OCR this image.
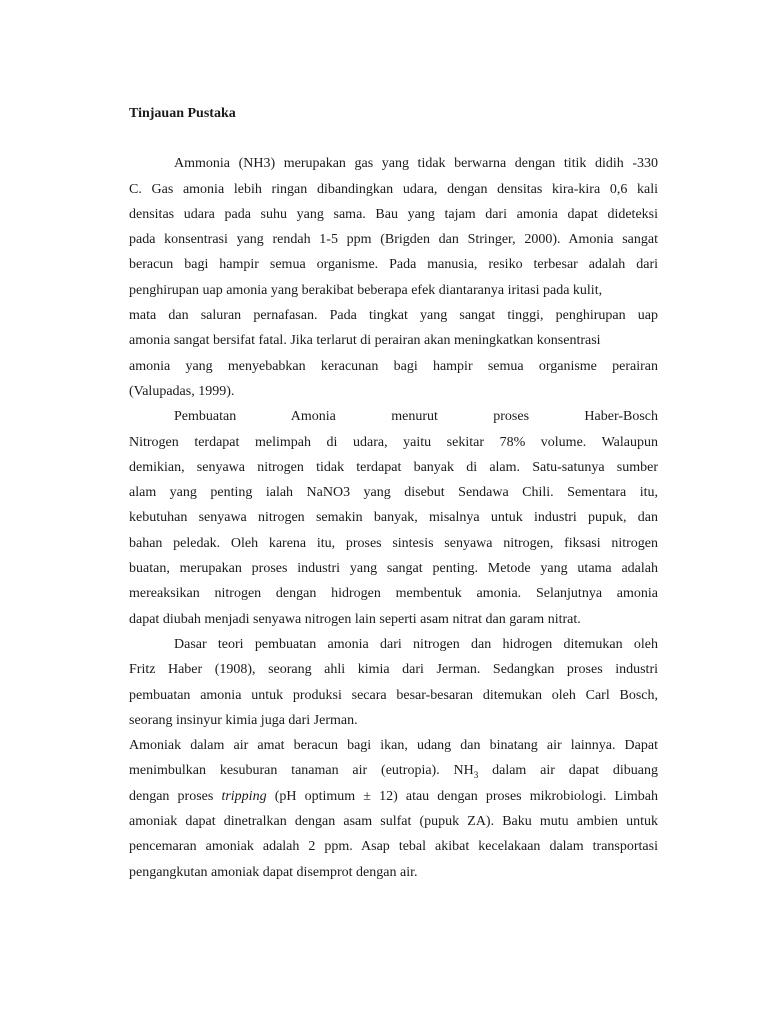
Tinjauan Pustaka
Ammonia (NH3) merupakan gas yang tidak berwarna dengan titik didih -330
C. Gas amonia lebih ringan dibandingkan udara, dengan densitas kira-kira 0,6 kali
densitas udara pada suhu yang sama. Bau yang tajam dari amonia dapat dideteksi
pada konsentrasi yang rendah 1-5 ppm (Brigden dan Stringer, 2000). Amonia sangat
beracun bagi hampir semua organisme. Pada manusia, resiko terbesar adalah dari
penghirupan uap amonia yang berakibat beberapa efek diantaranya iritasi pada kulit,
mata dan saluran pernafasan. Pada tingkat yang sangat tinggi, penghirupan uap
amonia sangat bersifat fatal. Jika terlarut di perairan akan meningkatkan konsentrasi
amonia yang menyebabkan keracunan bagi hampir semua organisme perairan
(Valupadas, 1999).
Pembuatan Amonia menurut proses Haber-Bosch
Nitrogen terdapat melimpah di udara, yaitu sekitar 78% volume. Walaupun
demikian, senyawa nitrogen tidak terdapat banyak di alam. Satu-satunya sumber
alam yang penting ialah NaNO3 yang disebut Sendawa Chili. Sementara itu,
kebutuhan senyawa nitrogen semakin banyak, misalnya untuk industri pupuk, dan
bahan peledak. Oleh karena itu, proses sintesis senyawa nitrogen, fiksasi nitrogen
buatan, merupakan proses industri yang sangat penting. Metode yang utama adalah
mereaksikan nitrogen dengan hidrogen membentuk amonia. Selanjutnya amonia
dapat diubah menjadi senyawa nitrogen lain seperti asam nitrat dan garam nitrat.
Dasar teori pembuatan amonia dari nitrogen dan hidrogen ditemukan oleh
Fritz Haber (1908), seorang ahli kimia dari Jerman. Sedangkan proses industri
pembuatan amonia untuk produksi secara besar-besaran ditemukan oleh Carl Bosch,
seorang insinyur kimia juga dari Jerman.
Amoniak dalam air amat beracun bagi ikan, udang dan binatang air lainnya. Dapat
menimbulkan kesuburan tanaman air (eutropia). $NH_3$ dalam air dapat dibuang
dengan proses tripping (pH optimum ± 12) atau dengan proses mikrobiologi. Limbah
amoniak dapat dinetralkan dengan asam sulfat (pupuk ZA). Baku mutu ambien untuk
pencemaran amoniak adalah 2 ppm. Asap tebal akibat kecelakaan dalam transportasi
pengangkutan amoniak dapat disemprot dengan air.
